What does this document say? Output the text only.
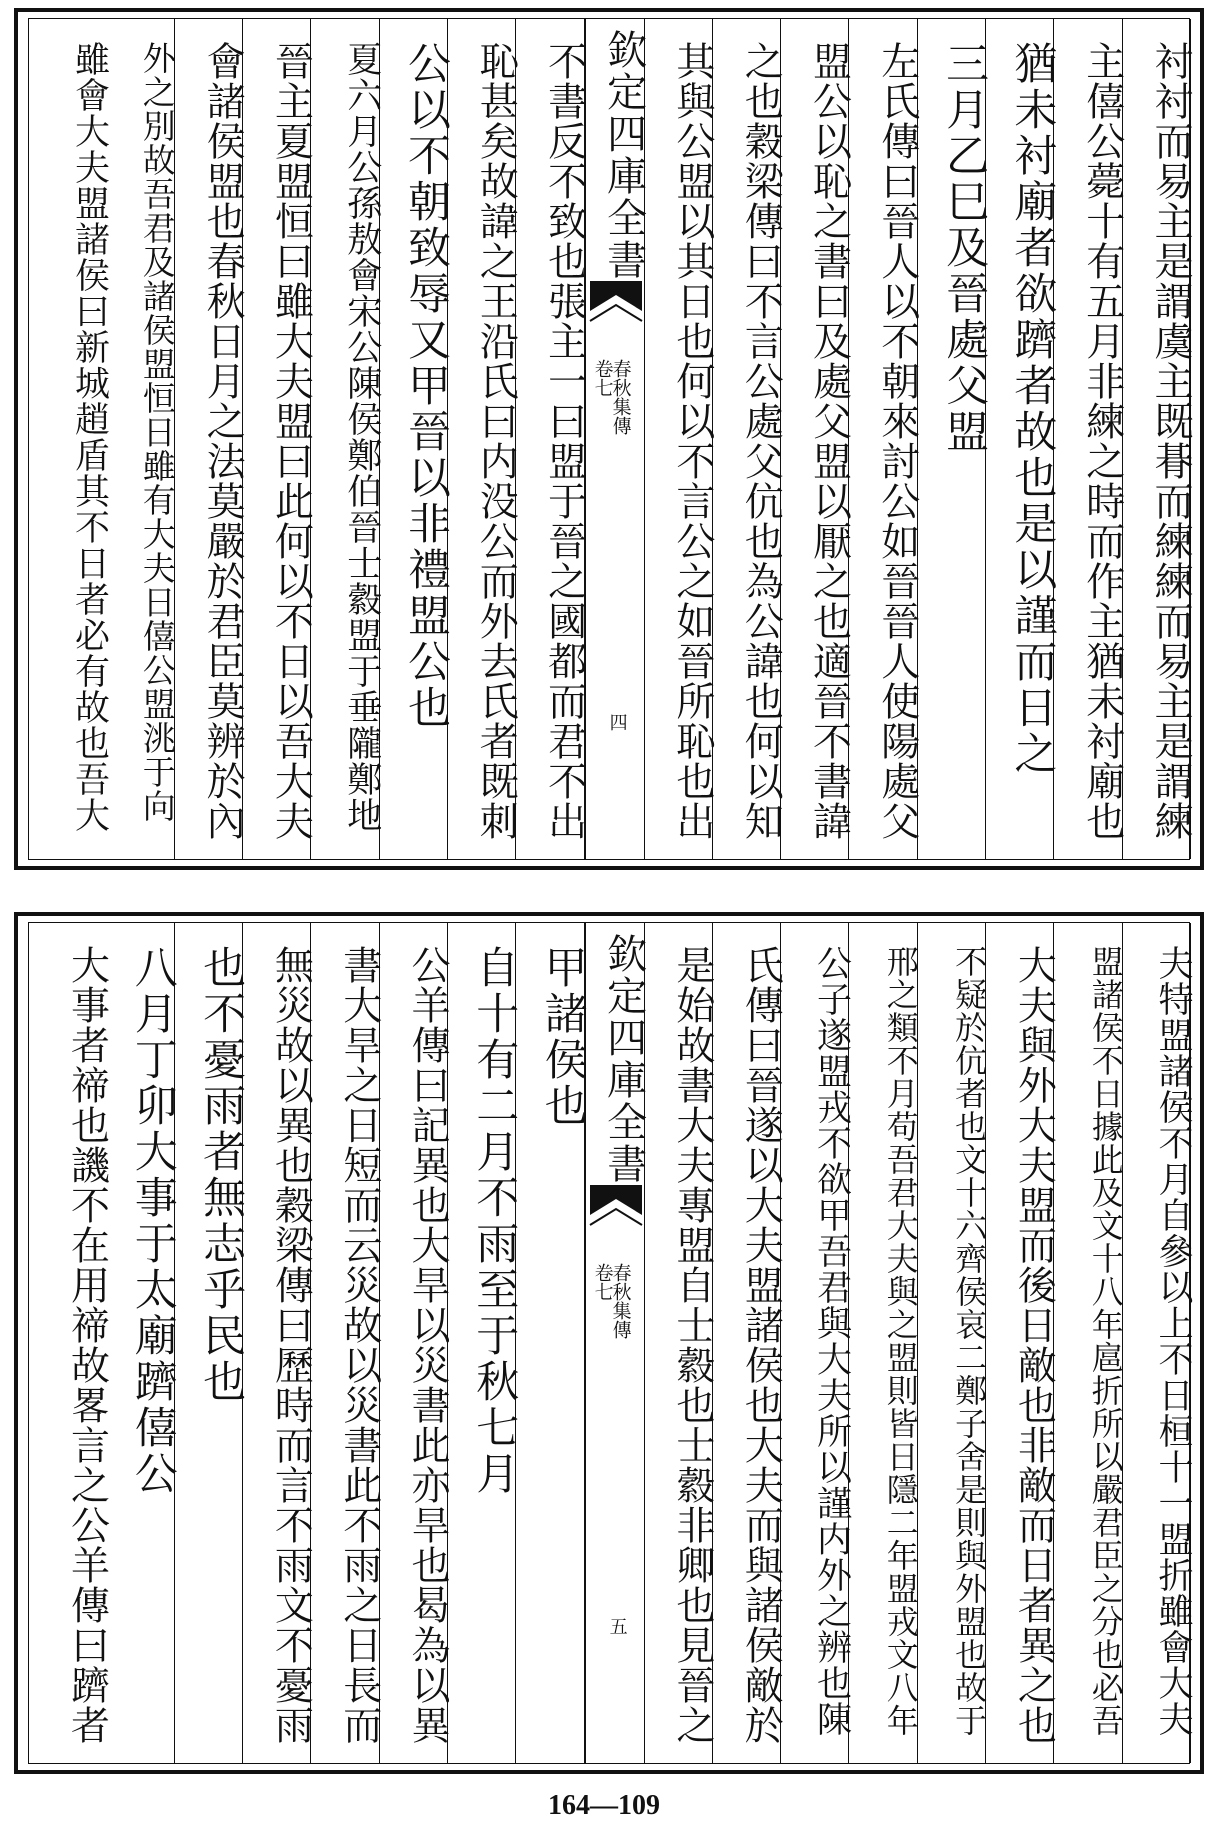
衬衬而易主是謂虞主既朞而練練而易主是謂練
主僖公薨十有五月非練之時而作主猶未衬廟也
猶未衬廟者欲躋者故也是以謹而日之
三月乙巳及晉處父盟
左氏傳曰晉人以不朝來討公如晉晉人使陽處父
盟公以恥之書曰及處父盟以厭之也適晉不書諱
之也穀梁傳曰不言公處父伉也為公諱也何以知
其與公盟以其日也何以不言公之如晉所恥也出
欽定四庫全書
春秋集傳
卷七
四
不書反不致也張主一曰盟于晉之國都而君不出
恥甚矣故諱之王沿氏曰内没公而外去氏者既刺
公以不朝致辱又甲晉以非禮盟公也
夏六月公孫敖會宋公陳侯鄭伯晉士縠盟于垂隴鄭地
晉主夏盟恒曰雖大夫盟曰此何以不日以吾大夫
會諸侯盟也春秋日月之法莫嚴於君臣莫辨於內
外之別故吾君及諸侯盟恒日雖有大夫日僖公盟洮于向
雖會大夫盟諸侯曰新城趙盾其不日者必有故也吾大
夫特盟諸侯不月自參以上不日桓十一盟折雖會大夫
盟諸侯不日據此及文十八年扈折所以嚴君臣之分也必吾
大夫與外大夫盟而後日敵也非敵而日者異之也
不疑於伉者也文十六齊侯哀二鄭子舍是則與外盟也故于
邢之類不月苟吾君大夫與之盟則皆日隱二年盟戎文八年
公子遂盟戎不欲甲吾君與大夫所以謹内外之辨也陳
氏傳曰晉遂以大夫盟諸侯也大夫而與諸侯敵於
是始故書大夫專盟自士縠也士縠非卿也見晉之
欽定四庫全書
春秋集傳
卷七
五
甲諸侯也
自十有二月不雨至于秋七月
公羊傳曰記異也大旱以災書此亦旱也曷為以異
書大旱之日短而云災故以災書此不雨之日長而
無災故以異也穀梁傳曰歷時而言不雨文不憂雨
也不憂雨者無志乎民也
八月丁卯大事于太廟躋僖公
大事者禘也譏不在用禘故畧言之公羊傳曰躋者
164—109
